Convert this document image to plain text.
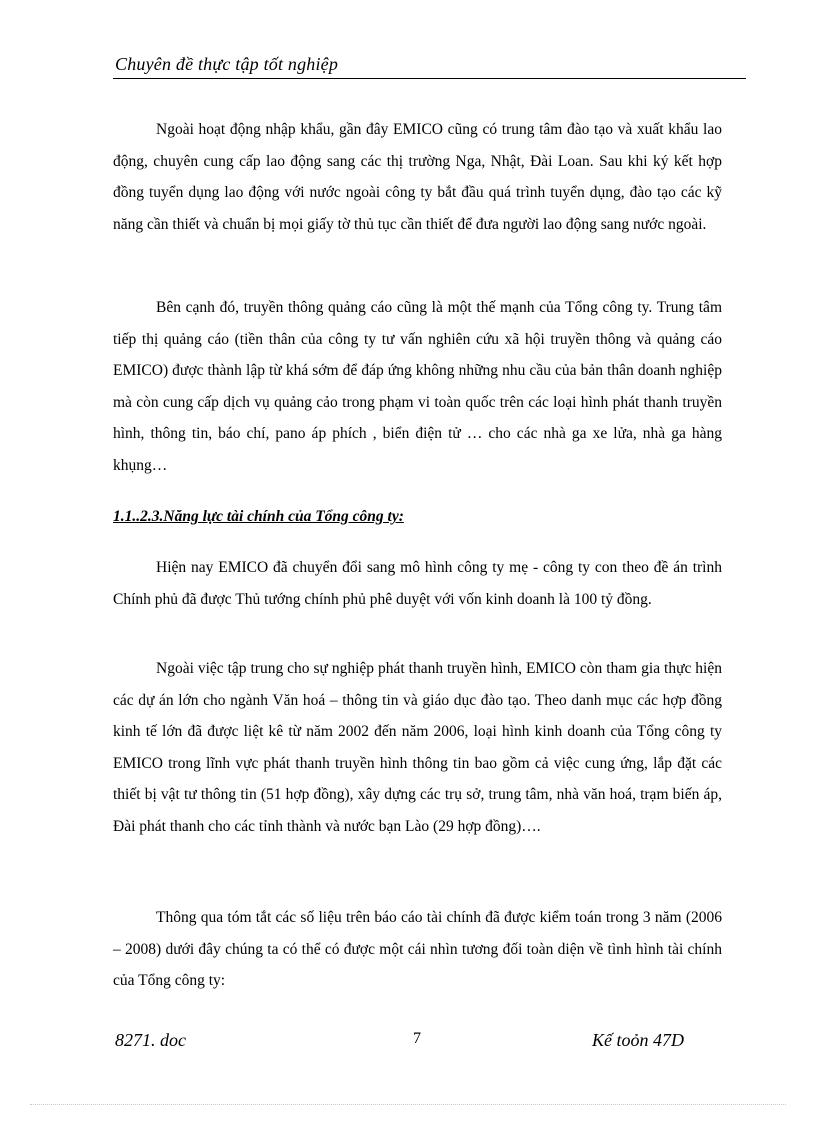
Chuyên đề thực tập tốt nghiệp

Ngoài hoạt động nhập khẩu, gần đây EMICO cũng có trung tâm đào tạo và xuất khẩu lao động, chuyên cung cấp lao động sang các thị trường Nga, Nhật, Đài Loan. Sau khi ký kết hợp đồng tuyển dụng lao động với nước ngoài công ty bắt đầu quá trình tuyển dụng, đào tạo các kỹ năng cần thiết và chuẩn bị mọi giấy tờ thủ tục cần thiết để đưa người lao động sang nước ngoài.

Bên cạnh đó, truyền thông quảng cáo cũng là một thế mạnh của Tổng công ty. Trung tâm tiếp thị quảng cáo (tiền thân của công ty tư vấn nghiên cứu xã hội truyền thông và quảng cáo EMICO) được thành lập từ khá sớm để đáp ứng không những nhu cầu của bản thân doanh nghiệp mà còn cung cấp dịch vụ quảng cảo trong phạm vi toàn quốc trên các loại hình phát thanh truyền hình, thông tin, báo chí, pano áp phích , biển điện tử … cho các nhà ga xe lửa, nhà ga hàng khụng…

1.1..2.3.Năng lực tài chính của Tổng công ty:

Hiện nay EMICO đã chuyển đổi sang mô hình công ty mẹ - công ty con theo đề án trình Chính phủ đã được Thủ tướng chính phủ phê duyệt với vốn kinh doanh là 100 tỷ đồng.

Ngoài việc tập trung cho sự nghiệp phát thanh truyền hình, EMICO còn tham gia thực hiện các dự án lớn cho ngành Văn hoá – thông tin và giáo dục đào tạo. Theo danh mục các hợp đồng kinh tế lớn đã được liệt kê từ năm 2002 đến năm 2006, loại hình kinh doanh của Tổng công ty EMICO trong lĩnh vực phát thanh truyền hình thông tin bao gồm cả việc cung ứng, lắp đặt các thiết bị vật tư thông tin (51 hợp đồng), xây dựng các trụ sở, trung tâm, nhà văn hoá, trạm biến áp, Đài phát thanh cho các tỉnh thành và nước bạn Lào (29 hợp đồng)….

Thông qua tóm tắt các số liệu trên báo cáo tài chính đã được kiểm toán trong 3 năm (2006 – 2008) dưới đây chúng ta có thể có được một cái nhìn tương đối toàn diện về tình hình tài chính của Tổng công ty:

8271. doc	7	Kế toỏn 47D
